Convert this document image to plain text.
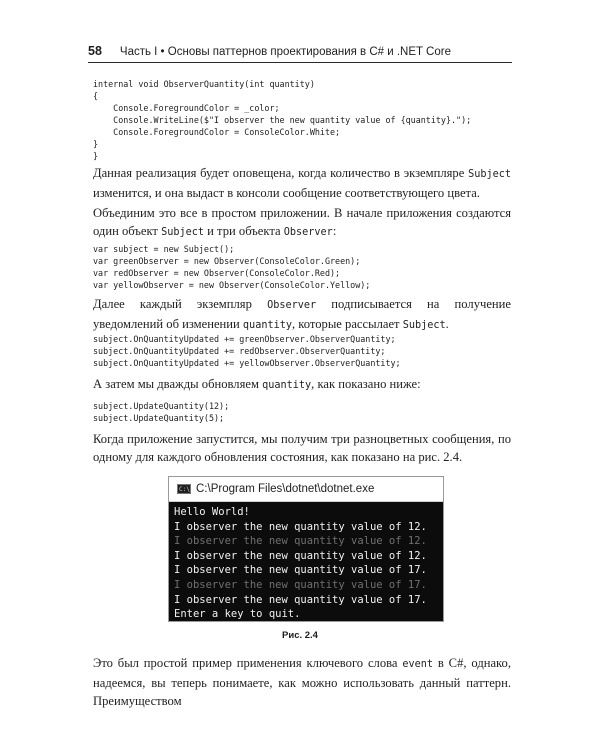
58 Часть I • Основы паттернов проектирования в C# и .NET Core
internal void ObserverQuantity(int quantity)
{
Console.ForegroundColor = _color;
Console.WriteLine($"I observer the new quantity value of {quantity}.");
Console.ForegroundColor = ConsoleColor.White;
}
}

Данная реализация будет оповещена, когда количество в экземпляре Subject изменится, и она выдаст в консоли сообщение соответствующего цвета.

Объединим это все в простом приложении. В начале приложения создаются один объект Subject и три объекта Observer:

var subject = new Subject();
var greenObserver = new Observer(ConsoleColor.Green);
var redObserver = new Observer(ConsoleColor.Red);
var yellowObserver = new Observer(ConsoleColor.Yellow);

Далее каждый экземпляр Observer подписывается на получение уведомлений об изменении quantity, которые рассылает Subject.

subject.OnQuantityUpdated += greenObserver.ObserverQuantity;
subject.OnQuantityUpdated += redObserver.ObserverQuantity;
subject.OnQuantityUpdated += yellowObserver.ObserverQuantity;

А затем мы дважды обновляем quantity, как показано ниже:

subject.UpdateQuantity(12);
subject.UpdateQuantity(5);

Когда приложение запустится, мы получим три разноцветных сообщения, по одному для каждого обновления состояния, как показано на рис. 2.4.

C:\ C:\Program Files\dotnet\dotnet.exe
Hello World!
I observer the new quantity value of 12.
I observer the new quantity value of 12.
I observer the new quantity value of 12.
I observer the new quantity value of 17.
I observer the new quantity value of 17.
I observer the new quantity value of 17.
Enter a key to quit.
Рис. 2.4

Это был простой пример применения ключевого слова event в C#, однако, надеемся, вы теперь понимаете, как можно использовать данный паттерн. Преимуществом
